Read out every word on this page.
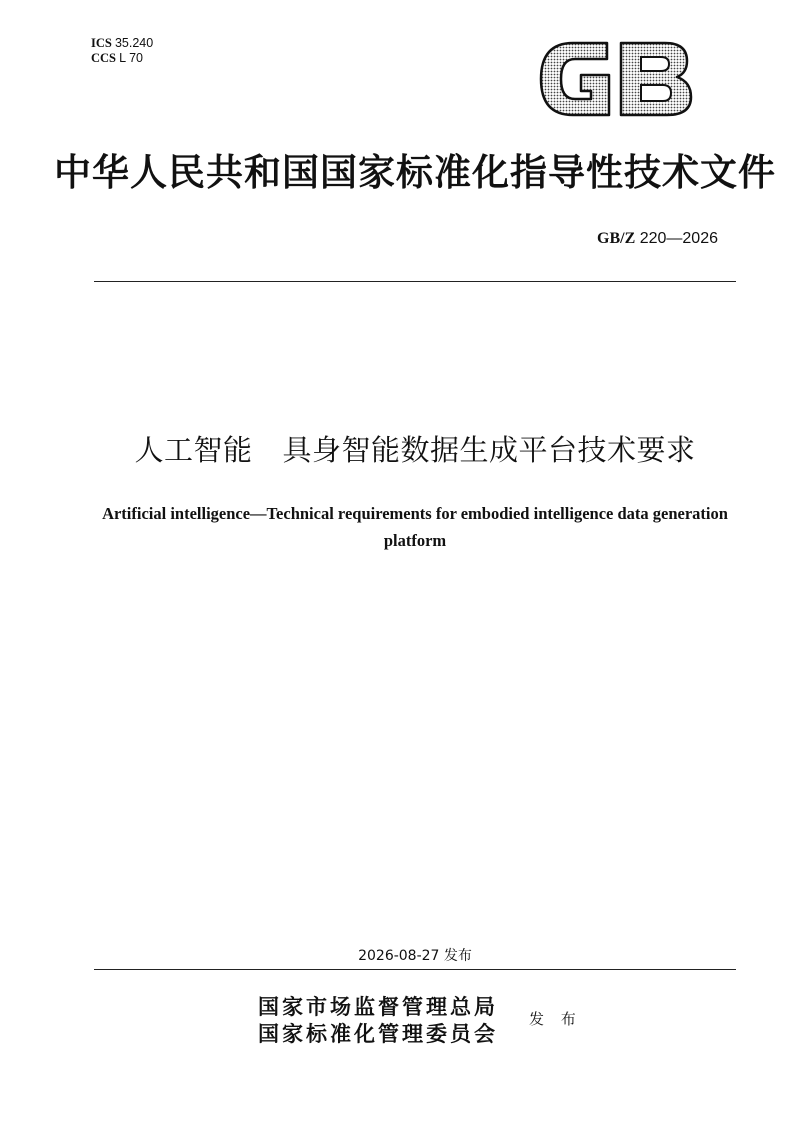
ICS 35.240
CCS L 70
中华人民共和国国家标准化指导性技术文件
GB/Z 220—2026
人工智能 具身智能数据生成平台技术要求
Artificial intelligence—Technical requirements for embodied intelligence data generation platform
2026-08-27 发布
国家市场监督管理总局
国家标准化管理委员会
发 布
